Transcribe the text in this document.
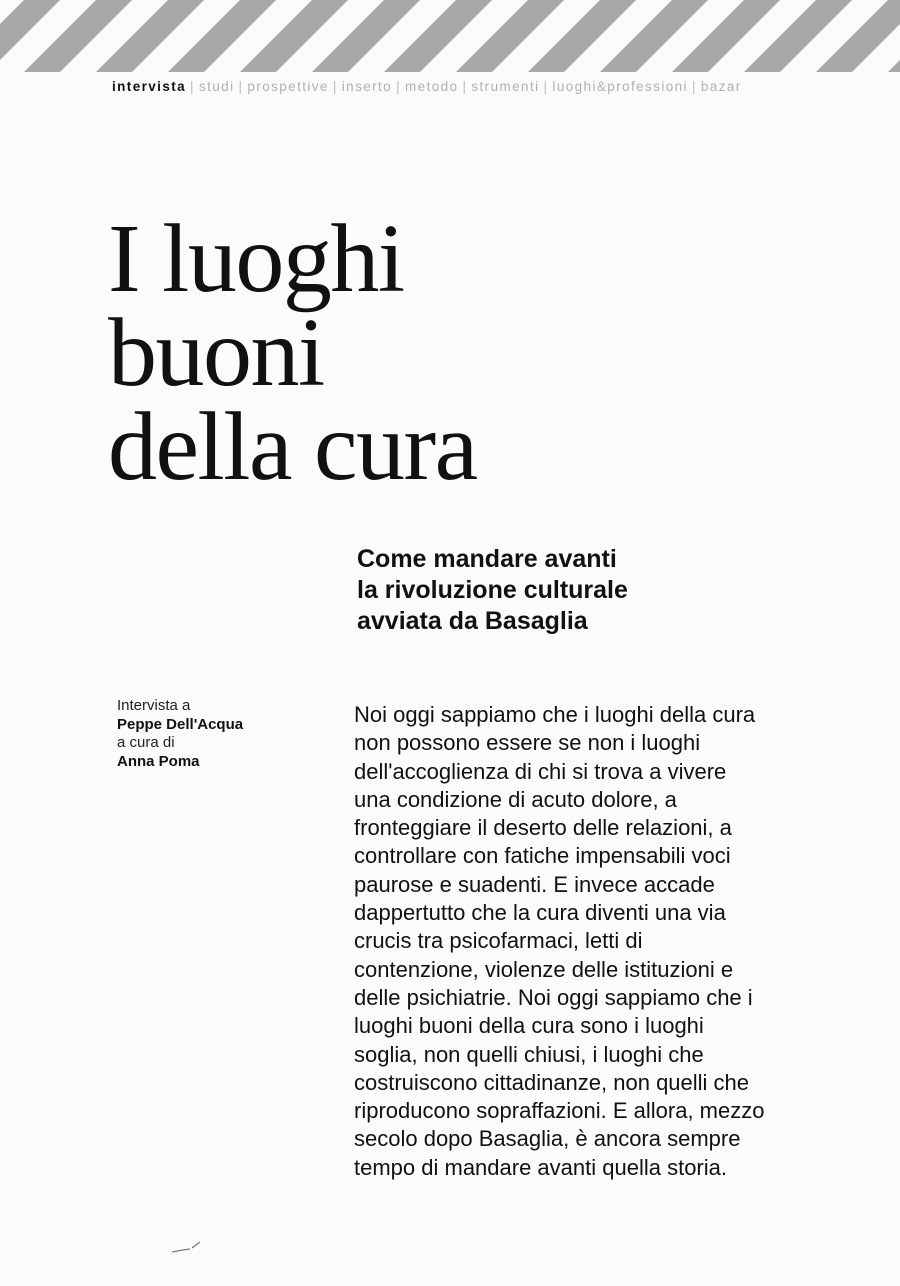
intervista | studi | prospettive | inserto | metodo | strumenti | luoghi&professioni | bazar
I luoghi
buoni
della cura
Come mandare avanti
la rivoluzione culturale
avviata da Basaglia
Intervista a
Peppe Dell'Acqua
a cura di
Anna Poma
Noi oggi sappiamo che i luoghi della cura
non possono essere se non i luoghi
dell'accoglienza di chi si trova a vivere
una condizione di acuto dolore, a
fronteggiare il deserto delle relazioni, a
controllare con fatiche impensabili voci
paurose e suadenti. E invece accade
dappertutto che la cura diventi una via
crucis tra psicofarmaci, letti di
contenzione, violenze delle istituzioni e
delle psichiatrie. Noi oggi sappiamo che i
luoghi buoni della cura sono i luoghi
soglia, non quelli chiusi, i luoghi che
costruiscono cittadinanze, non quelli che
riproducono sopraffazioni. E allora, mezzo
secolo dopo Basaglia, è ancora sempre
tempo di mandare avanti quella storia.
